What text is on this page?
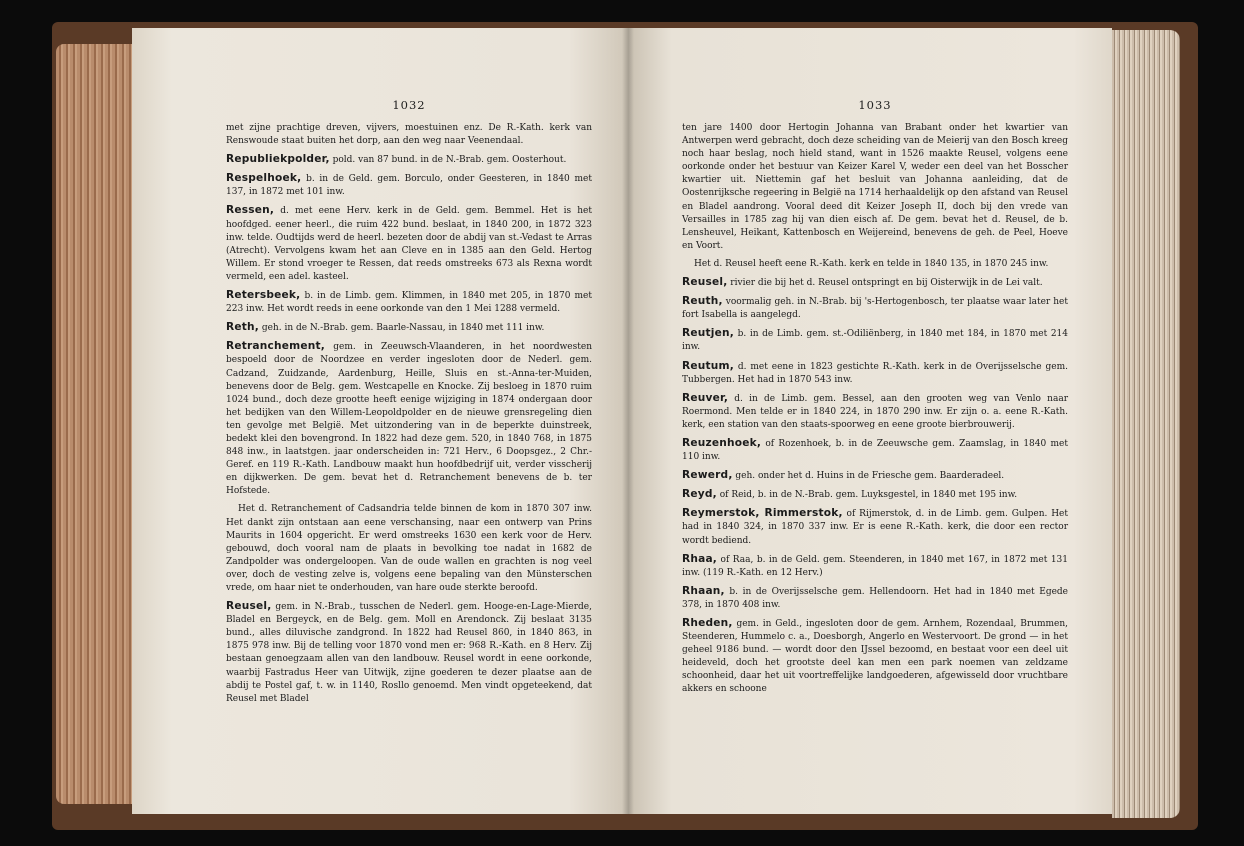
1032

met zijne prachtige dreven, vijvers, moestuinen enz. De R.-Kath. kerk van Renswoude staat buiten het dorp, aan den weg naar Veenendaal.

Republiekpolder, pold. van 87 bund. in de N.-Brab. gem. Oosterhout.

Respelhoek, b. in de Geld. gem. Borculo, onder Geesteren, in 1840 met 137, in 1872 met 101 inw.

Ressen, d. met eene Herv. kerk in de Geld. gem. Bemmel. Het is het hoofdged. eener heerl., die ruim 422 bund. beslaat, in 1840 200, in 1872 323 inw. telde. Oudtijds werd de heerl. bezeten door de abdij van st.-Vedast te Arras (Atrecht). Vervolgens kwam het aan Cleve en in 1385 aan den Geld. Hertog Willem. Er stond vroeger te Ressen, dat reeds omstreeks 673 als Rexna wordt vermeld, een adel. kasteel.

Retersbeek, b. in de Limb. gem. Klimmen, in 1840 met 205, in 1870 met 223 inw. Het wordt reeds in eene oorkonde van den 1 Mei 1288 vermeld.

Reth, geh. in de N.-Brab. gem. Baarle-Nassau, in 1840 met 111 inw.

Retranchement, gem. in Zeeuwsch-Vlaanderen, in het noordwesten bespoeld door de Noordzee en verder ingesloten door de Nederl. gem. Cadzand, Zuidzande, Aardenburg, Heille, Sluis en st.-Anna-ter-Muiden, benevens door de Belg. gem. Westcapelle en Knocke. Zij besloeg in 1870 ruim 1024 bund., doch deze grootte heeft eenige wijziging in 1874 ondergaan door het bedijken van den Willem-Leopoldpolder en de nieuwe grensregeling dien ten gevolge met België. Met uitzondering van in de beperkte duinstreek, bedekt klei den bovengrond. In 1822 had deze gem. 520, in 1840 768, in 1875 848 inw., in laatstgen. jaar onderscheiden in: 721 Herv., 6 Doopsgez., 2 Chr.-Geref. en 119 R.-Kath. Landbouw maakt hun hoofdbedrijf uit, verder visscherij en dijkwerken. De gem. bevat het d. Retranchement benevens de b. ter Hofstede.

Het d. Retranchement of Cadsandria telde binnen de kom in 1870 307 inw. Het dankt zijn ontstaan aan eene verschansing, naar een ontwerp van Prins Maurits in 1604 opgericht. Er werd omstreeks 1630 een kerk voor de Herv. gebouwd, doch vooral nam de plaats in bevolking toe nadat in 1682 de Zandpolder was ondergeloopen. Van de oude wallen en grachten is nog veel over, doch de vesting zelve is, volgens eene bepaling van den Münsterschen vrede, om haar niet te onderhouden, van hare oude sterkte beroofd.

Reusel, gem. in N.-Brab., tusschen de Nederl. gem. Hooge-en-Lage-Mierde, Bladel en Bergeyck, en de Belg. gem. Moll en Arendonck. Zij beslaat 3135 bund., alles diluvische zandgrond. In 1822 had Reusel 860, in 1840 863, in 1875 978 inw. Bij de telling voor 1870 vond men er: 968 R.-Kath. en 8 Herv. Zij bestaan genoegzaam allen van den landbouw. Reusel wordt in eene oorkonde, waarbij Fastradus Heer van Uitwijk, zijne goederen te dezer plaatse aan de abdij te Postel gaf, t. w. in 1140, Rosllo genoemd. Men vindt opgeteekend, dat Reusel met Bladel

1033

ten jare 1400 door Hertogin Johanna van Brabant onder het kwartier van Antwerpen werd gebracht, doch deze scheiding van de Meierij van den Bosch kreeg noch haar beslag, noch hield stand, want in 1526 maakte Reusel, volgens eene oorkonde onder het bestuur van Keizer Karel V, weder een deel van het Bosscher kwartier uit. Niettemin gaf het besluit van Johanna aanleiding, dat de Oostenrijksche regeering in België na 1714 herhaaldelijk op den afstand van Reusel en Bladel aandrong. Vooral deed dit Keizer Joseph II, doch bij den vrede van Versailles in 1785 zag hij van dien eisch af. De gem. bevat het d. Reusel, de b. Lensheuvel, Heikant, Kattenbosch en Weijereind, benevens de geh. de Peel, Hoeve en Voort.

Het d. Reusel heeft eene R.-Kath. kerk en telde in 1840 135, in 1870 245 inw.

Reusel, rivier die bij het d. Reusel ontspringt en bij Oisterwijk in de Lei valt.

Reuth, voormalig geh. in N.-Brab. bij 's-Hertogenbosch, ter plaatse waar later het fort Isabella is aangelegd.

Reutjen, b. in de Limb. gem. st.-Odiliënberg, in 1840 met 184, in 1870 met 214 inw.

Reutum, d. met eene in 1823 gestichte R.-Kath. kerk in de Overijsselsche gem. Tubbergen. Het had in 1870 543 inw.

Reuver, d. in de Limb. gem. Bessel, aan den grooten weg van Venlo naar Roermond. Men telde er in 1840 224, in 1870 290 inw. Er zijn o. a. eene R.-Kath. kerk, een station van den staats-spoorweg en eene groote bierbrouwerij.

Reuzenhoek, of Rozenhoek, b. in de Zeeuwsche gem. Zaamslag, in 1840 met 110 inw.

Rewerd, geh. onder het d. Huins in de Friesche gem. Baarderadeel.

Reyd, of Reid, b. in de N.-Brab. gem. Luyksgestel, in 1840 met 195 inw.

Reymerstok, Rimmerstok, of Rijmerstok, d. in de Limb. gem. Gulpen. Het had in 1840 324, in 1870 337 inw. Er is eene R.-Kath. kerk, die door een rector wordt bediend.

Rhaa, of Raa, b. in de Geld. gem. Steenderen, in 1840 met 167, in 1872 met 131 inw. (119 R.-Kath. en 12 Herv.)

Rhaan, b. in de Overijsselsche gem. Hellendoorn. Het had in 1840 met Egede 378, in 1870 408 inw.

Rheden, gem. in Geld., ingesloten door de gem. Arnhem, Rozendaal, Brummen, Steenderen, Hummelo c. a., Doesborgh, Angerlo en Westervoort. De grond — in het geheel 9186 bund. — wordt door den IJssel bezoomd, en bestaat voor een deel uit heideveld, doch het grootste deel kan men een park noemen van zeldzame schoonheid, daar het uit voortreffelijke landgoederen, afgewisseld door vruchtbare akkers en schoone
